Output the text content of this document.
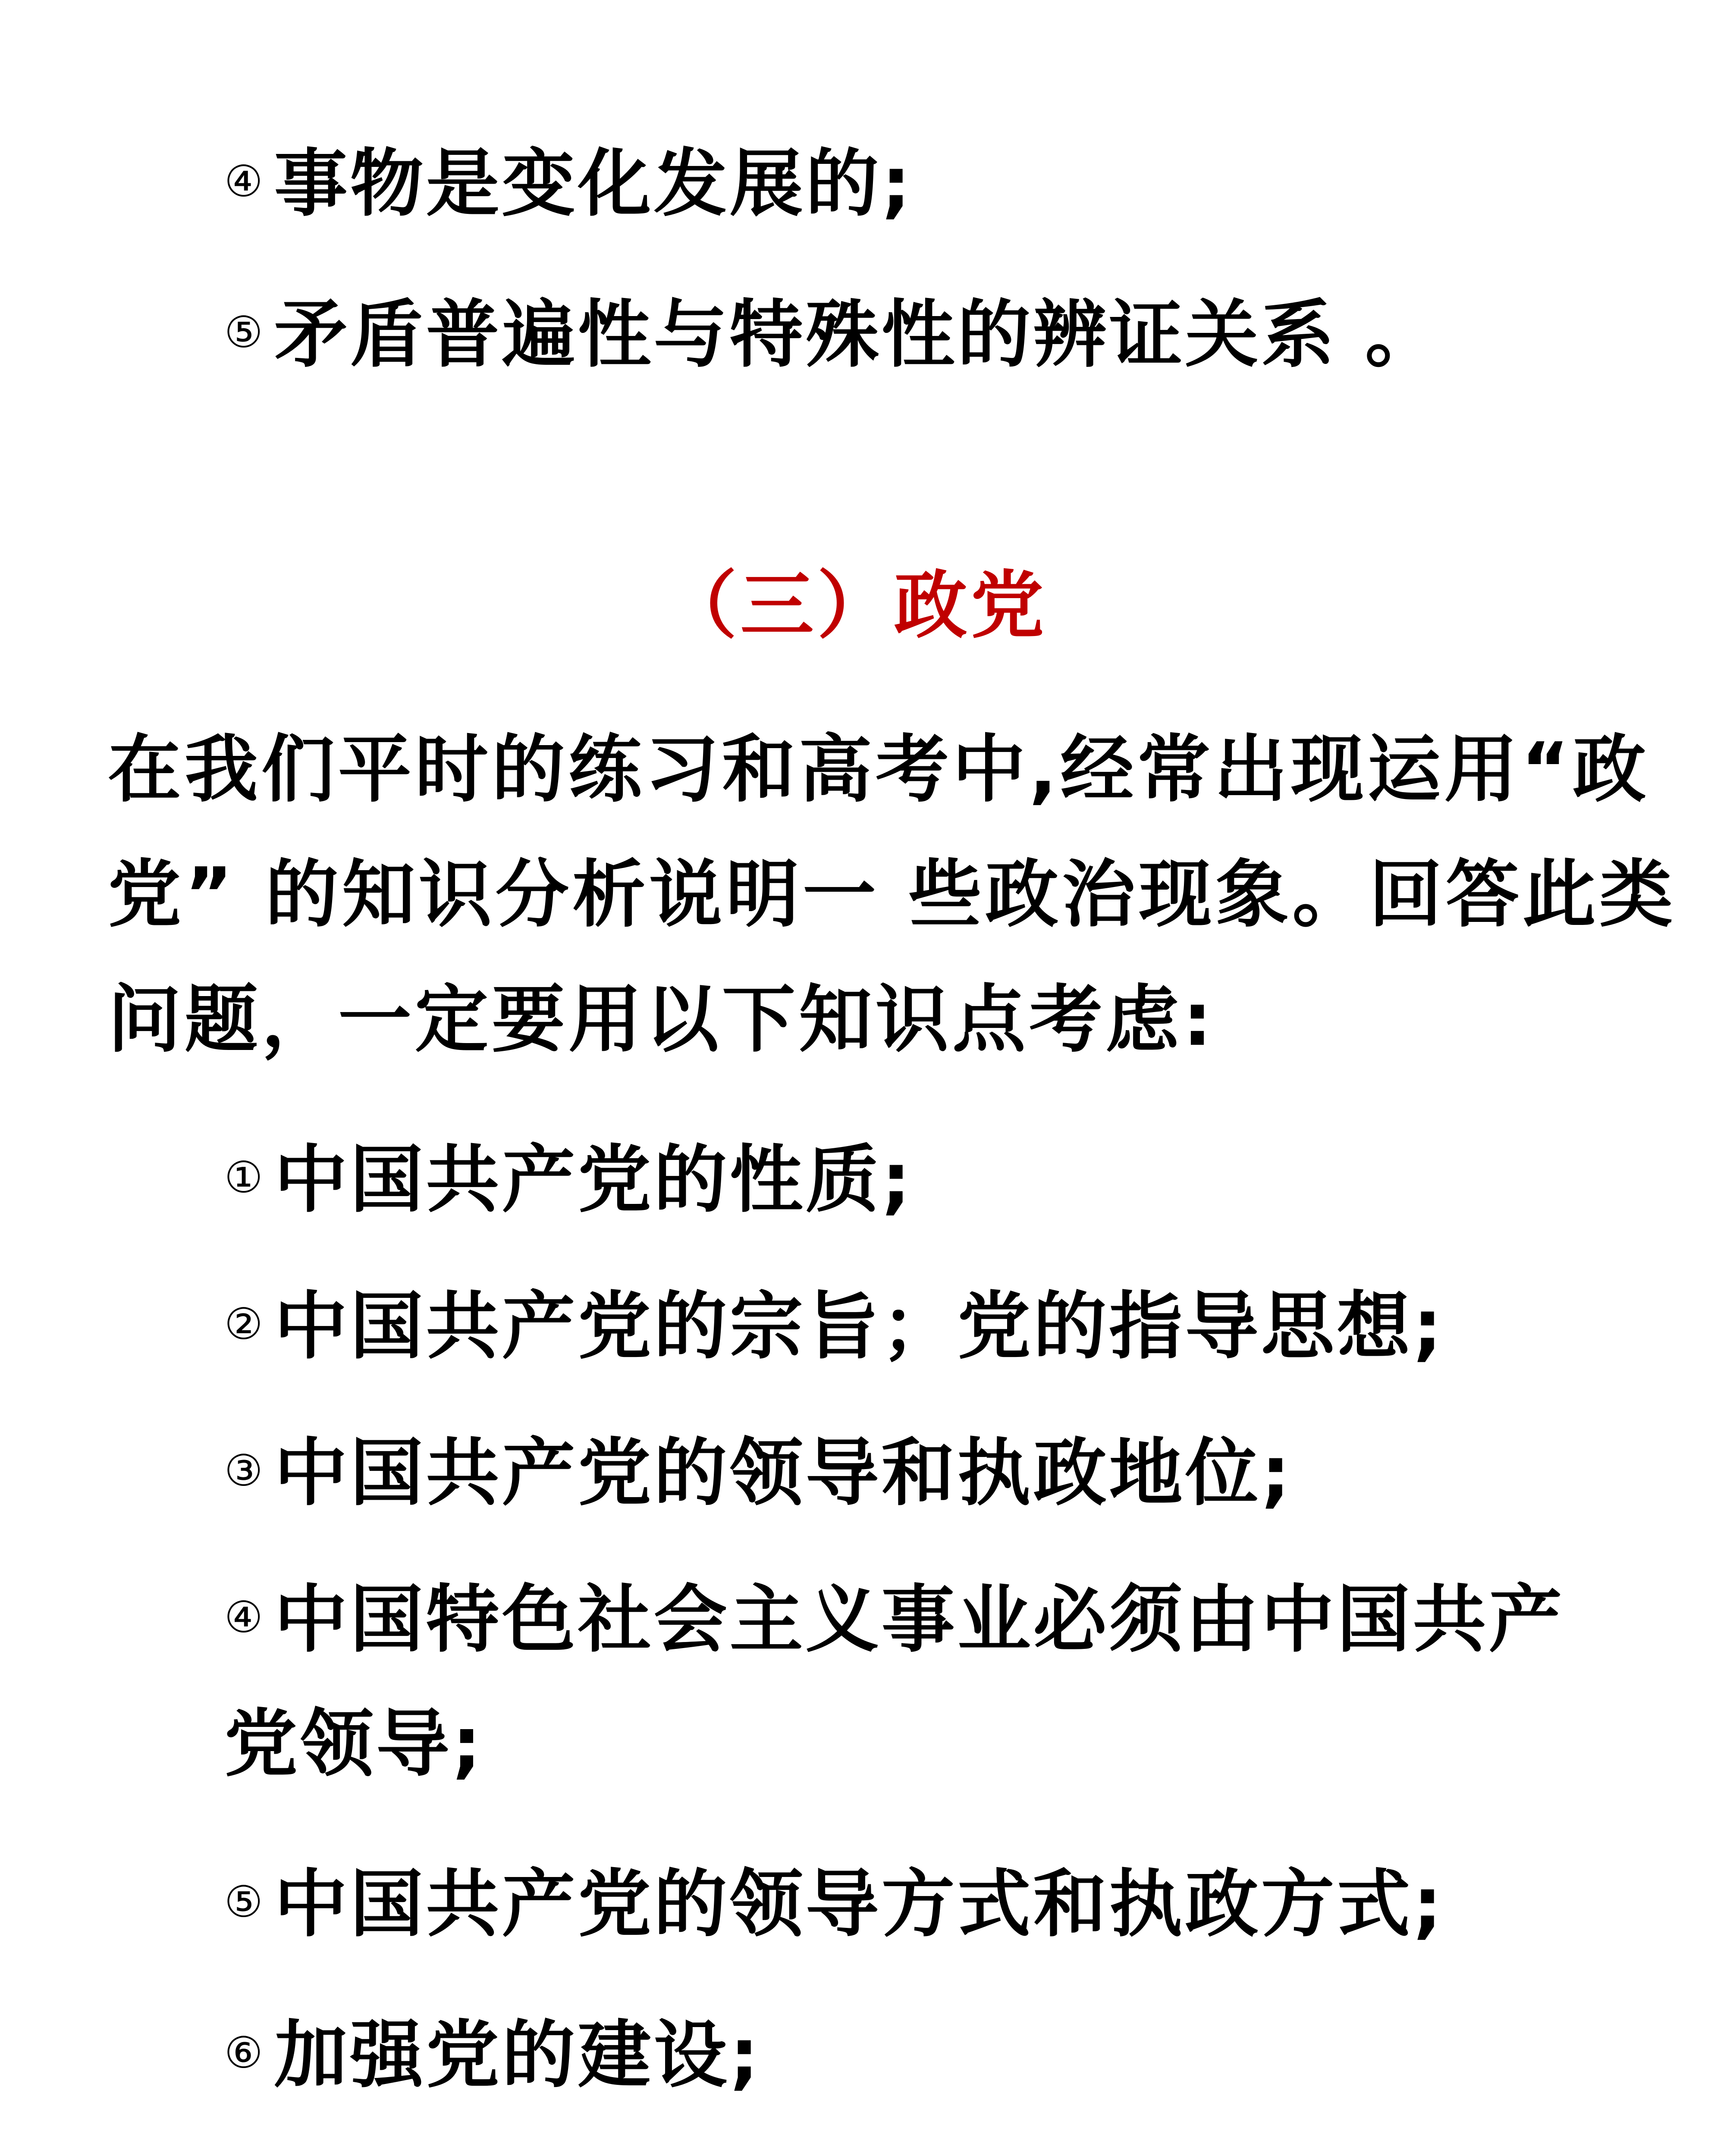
④ 事物是变化发展的;
⑤ 矛盾普遍性与特殊性的辨证关系 。
（三）政党
在我们平时的练习和高考中,经常出现运用“政
党” 的知识分析说明一 些政治现象。回答此类
问题，一定要用以下知识点考虑:
① 中国共产党的性质;
② 中国共产党的宗旨；党的指导思想;
③ 中国共产党的领导和执政地位;
④ 中国特色社会主义事业必须由中国共产
党领导;
⑤ 中国共产党的领导方式和执政方式;
⑥ 加强党的建设;
